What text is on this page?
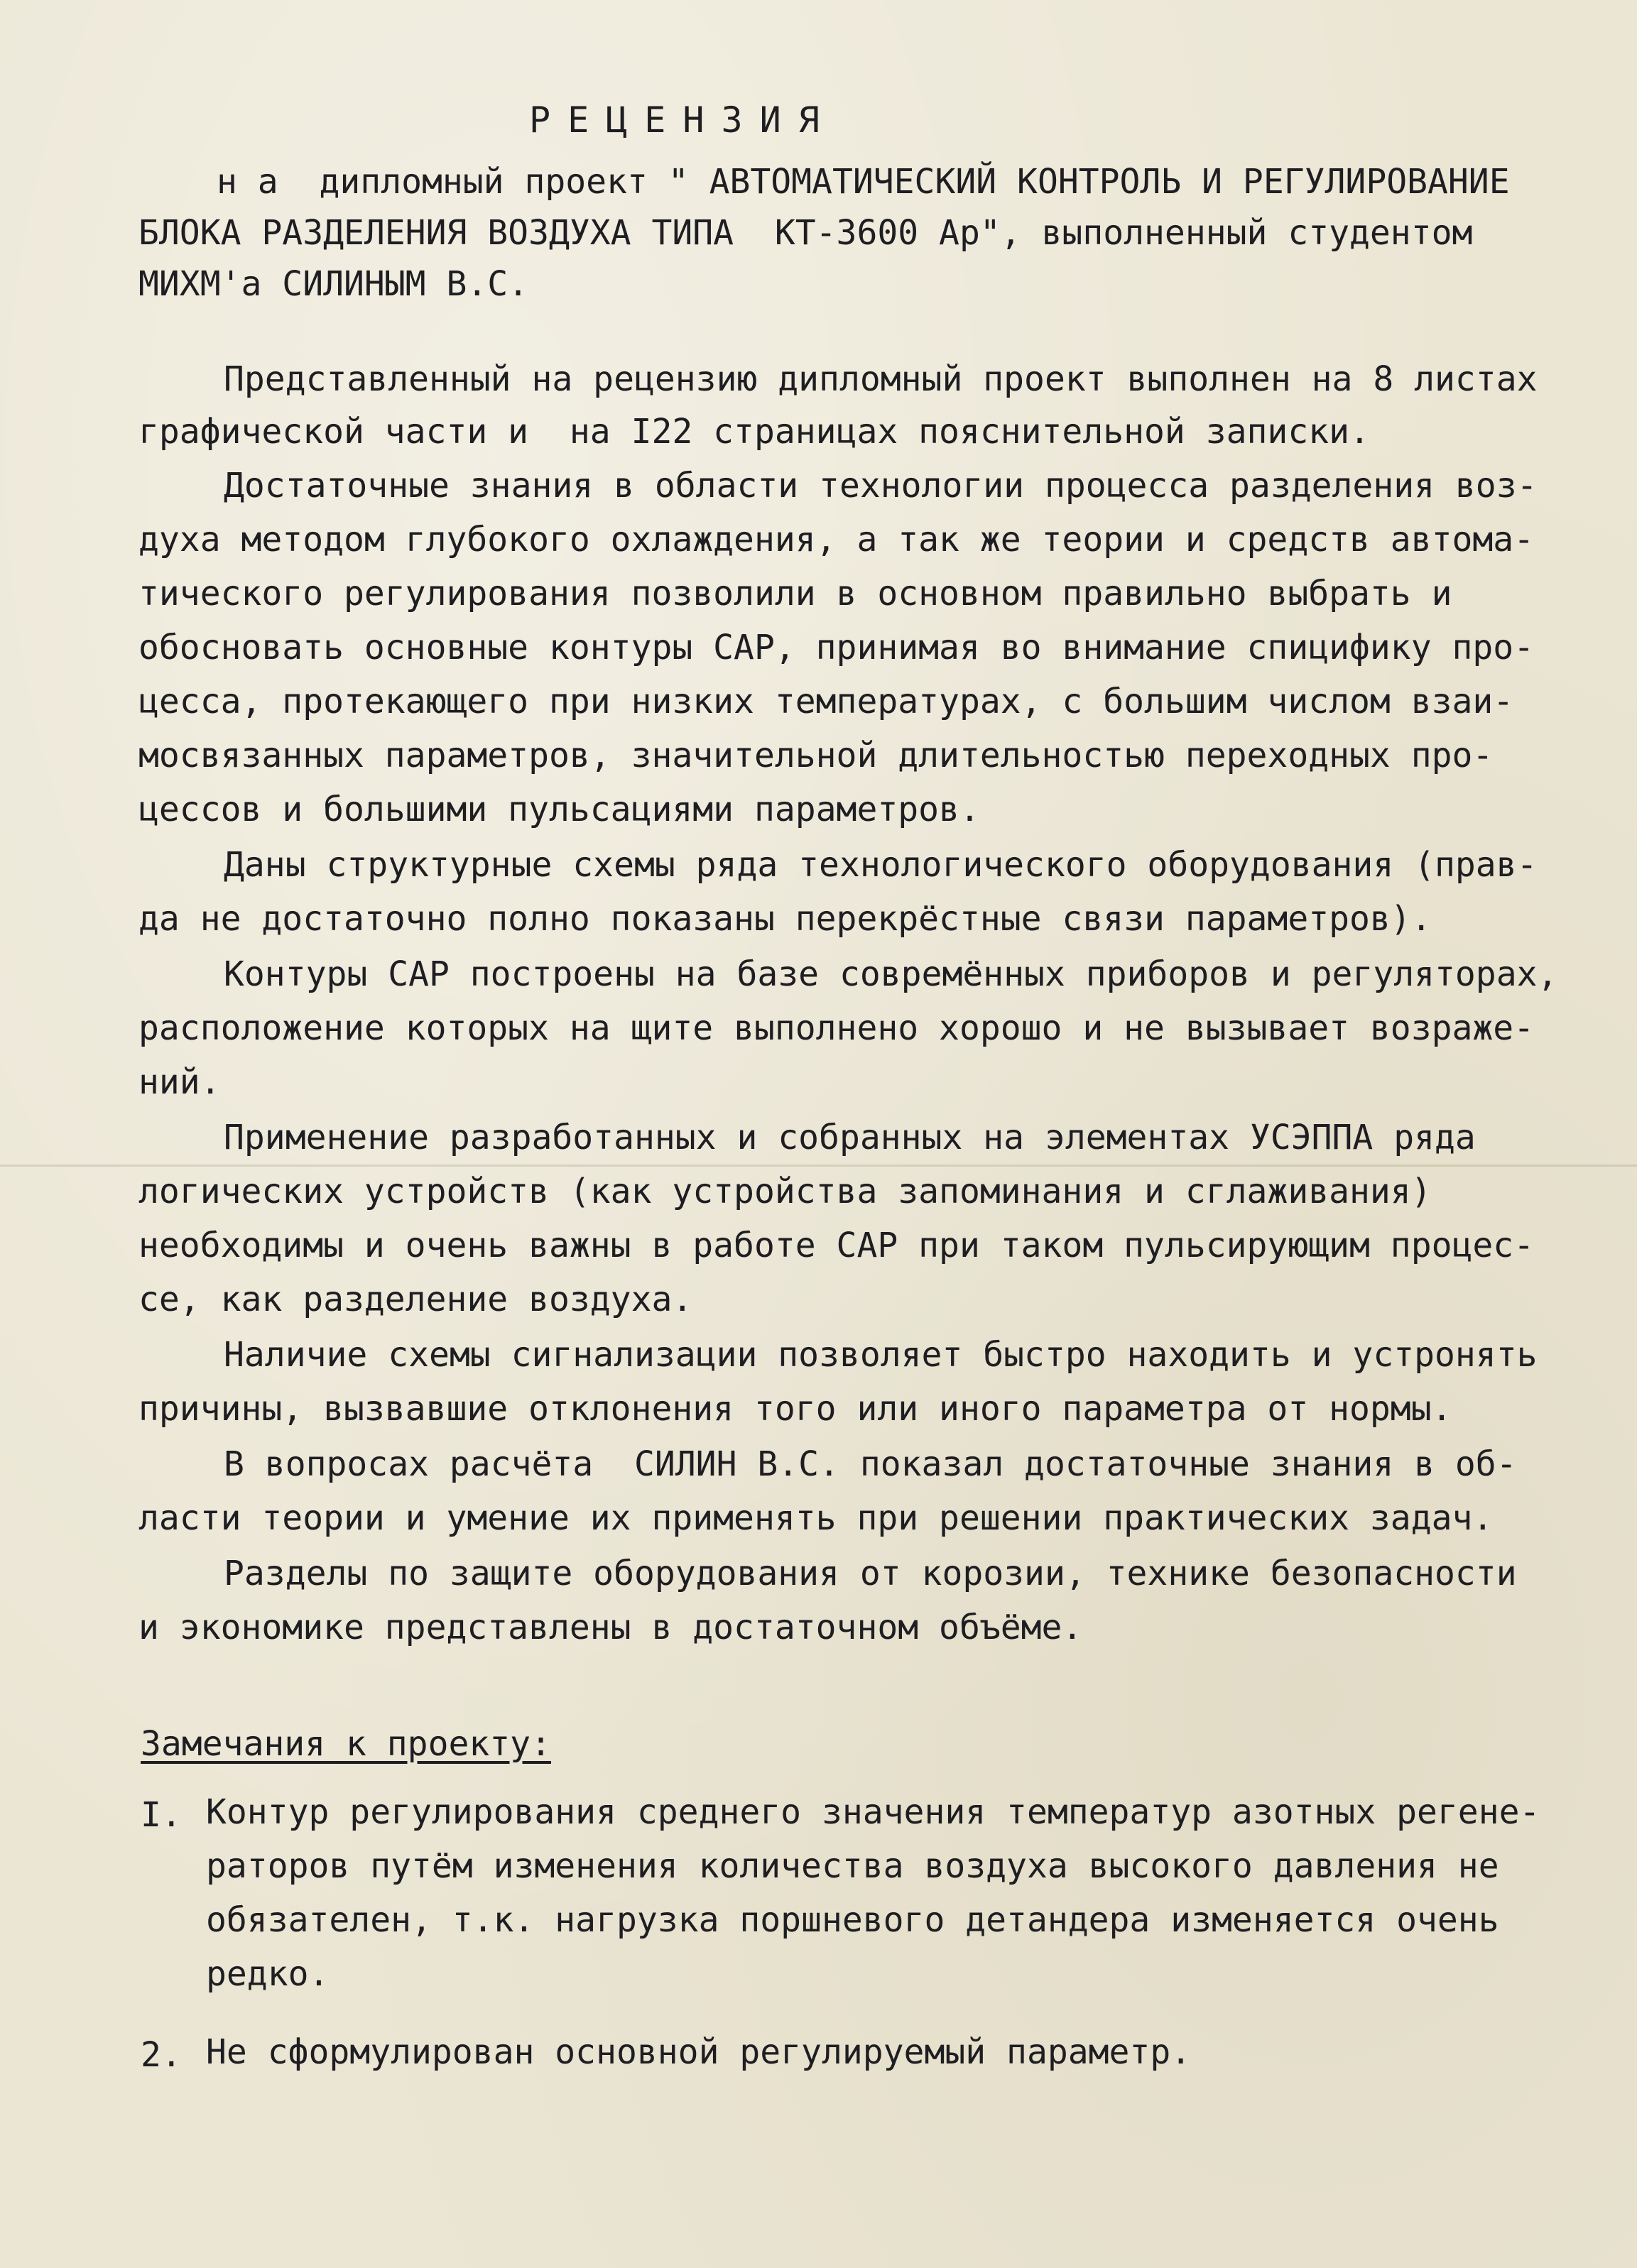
РЕЦЕНЗИЯ
н а  дипломный проект " АВТОМАТИЧЕСКИЙ КОНТРОЛЬ И РЕГУЛИРОВАНИЕ
БЛОКА РАЗДЕЛЕНИЯ ВОЗДУХА ТИПА  КТ-3600 Ар", выполненный студентом
МИХМ'а СИЛИНЫМ В.С.
Представленный на рецензию дипломный проект выполнен на 8 листах
графической части и  на I22 страницах пояснительной записки.
Достаточные знания в области технологии процесса разделения воз-
духа методом глубокого охлаждения, а так же теории и средств автома-
тического регулирования позволили в основном правильно выбрать и
обосновать основные контуры САР, принимая во внимание спицифику про-
цесса, протекающего при низких температурах, с большим числом взаи-
мосвязанных параметров, значительной длительностью переходных про-
цессов и большими пульсациями параметров.
Даны структурные схемы ряда технологического оборудования (прав-
да не достаточно полно показаны перекрёстные связи параметров).
Контуры САР построены на базе совремённых приборов и регуляторах,
расположение которых на щите выполнено хорошо и не вызывает возраже-
ний.
Применение разработанных и собранных на элементах УСЭППА ряда
логических устройств (как устройства запоминания и сглаживания)
необходимы и очень важны в работе САР при таком пульсирующим процес-
се, как разделение воздуха.
Наличие схемы сигнализации позволяет быстро находить и устронять
причины, вызвавшие отклонения того или иного параметра от нормы.
В вопросах расчёта  СИЛИН В.С. показал достаточные знания в об-
ласти теории и умение их применять при решении практических задач.
Разделы по защите оборудования от корозии, технике безопасности
и экономике представлены в достаточном объёме.
Замечания к проекту:
I. Контур регулирования среднего значения температур азотных регене-
раторов путём изменения количества воздуха высокого давления не
обязателен, т.к. нагрузка поршневого детандера изменяется очень
редко.
2. Не сформулирован основной регулируемый параметр.
